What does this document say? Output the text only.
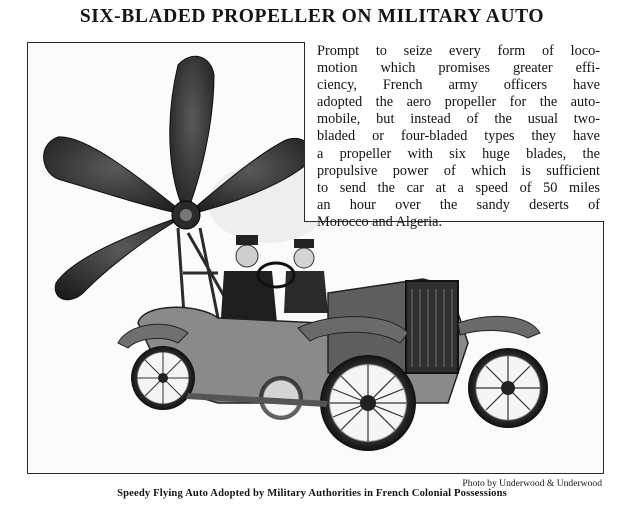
SIX-BLADED PROPELLER ON MILITARY AUTO

Prompt to seize every form of loco-
motion which promises greater effi-
ciency, French army officers have
adopted the aero propeller for the auto-
mobile, but instead of the usual two-
bladed or four-bladed types they have
a propeller with six huge blades, the
propulsive power of which is sufficient
to send the car at a speed of 50 miles
an hour over the sandy deserts of
Morocco and Algeria.

Photo by Underwood & Underwood
Speedy Flying Auto Adopted by Military Authorities in French Colonial Possessions
